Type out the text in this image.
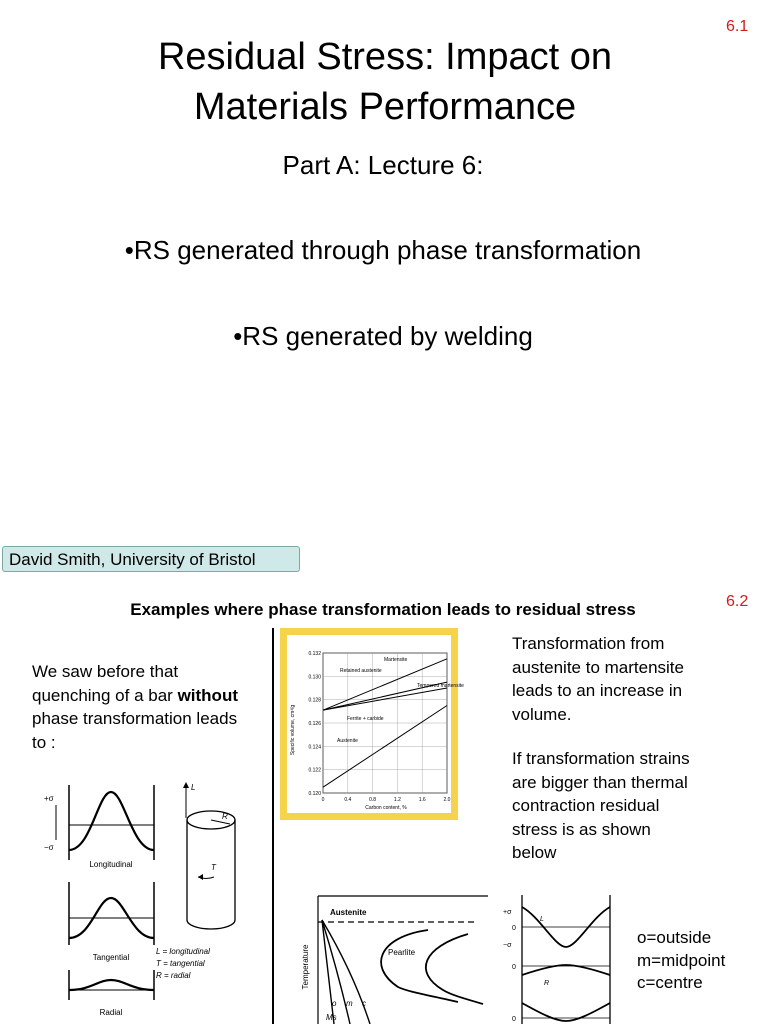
6.1
Residual Stress: Impact on
Materials Performance
Part A: Lecture 6:
•RS generated through phase transformation
•RS generated by welding
David Smith, University of Bristol
6.2
Examples where phase transformation leads to residual stress
We saw before that
quenching of a bar without
phase transformation leads
to :
+σ
−σ
Longitudinal
Tangential
Radial
L
R
T
L = longitudinal
T = tangential
R = radial
0	0.4	0.8	1.2	1.6	2.0
0.120
0.122
0.124
0.126
0.128
0.130
0.132
Specific volume, cm³/g
Carbon content, %
Martensite
Retained austenite
Tempered martensite
Ferrite + carbide
Austenite
Transformation from
austenite to martensite
leads to an increase in
volume.
If transformation strains
are bigger than thermal
contraction residual
stress is as shown
below
Austenite
Pearlite
Temperature
o m c
Ms
+σ
0
−σ
L
0
R
0
o=outside
m=midpoint
c=centre
